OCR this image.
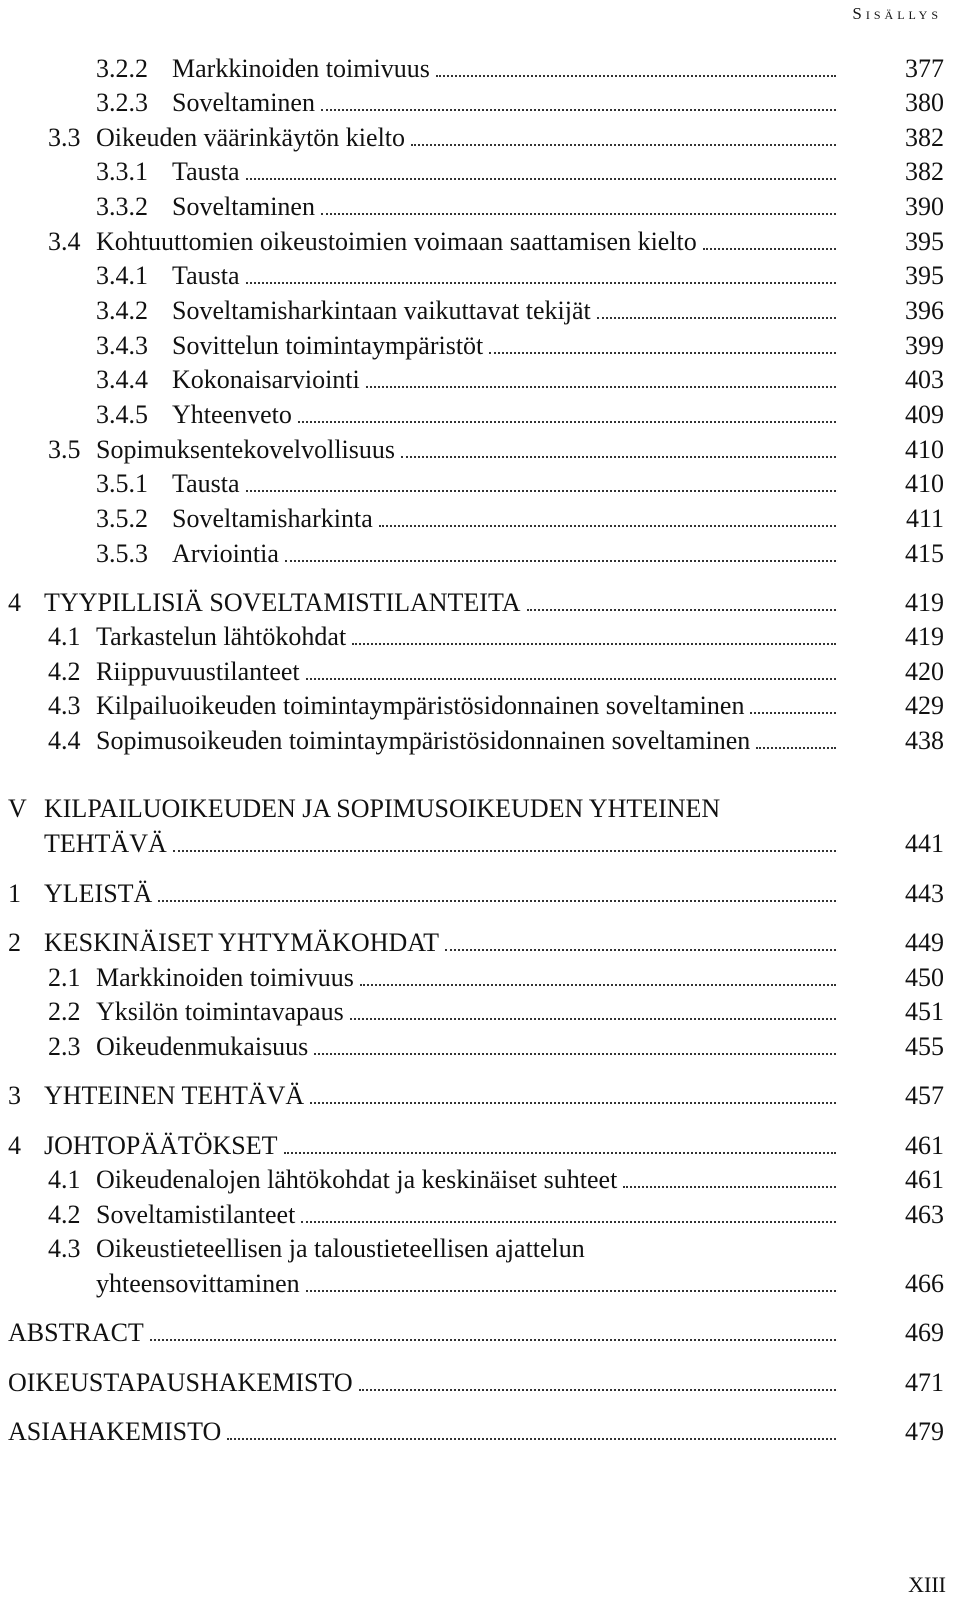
Sisällys
3.2.2 Markkinoiden toimivuus	377
3.2.3 Soveltaminen	380
3.3 Oikeuden väärinkäytön kielto	382
3.3.1 Tausta	382
3.3.2 Soveltaminen	390
3.4 Kohtuuttomien oikeustoimien voimaan saattamisen kielto	395
3.4.1 Tausta	395
3.4.2 Soveltamisharkintaan vaikuttavat tekijät	396
3.4.3 Sovittelun toimintaympäristöt	399
3.4.4 Kokonaisarviointi	403
3.4.5 Yhteenveto	409
3.5 Sopimuksentekovelvollisuus	410
3.5.1 Tausta	410
3.5.2 Soveltamisharkinta	411
3.5.3 Arviointia	415
4 TYYPILLISIÄ SOVELTAMISTILANTEITA	419
4.1 Tarkastelun lähtökohdat	419
4.2 Riippuvuustilanteet	420
4.3 Kilpailuoikeuden toimintaympäristösidonnainen soveltaminen	429
4.4 Sopimusoikeuden toimintaympäristösidonnainen soveltaminen	438
V KILPAILUOIKEUDEN JA SOPIMUSOIKEUDEN YHTEINEN
TEHTÄVÄ	441
1 YLEISTÄ	443
2 KESKINÄISET YHTYMÄKOHDAT	449
2.1 Markkinoiden toimivuus	450
2.2 Yksilön toimintavapaus	451
2.3 Oikeudenmukaisuus	455
3 YHTEINEN TEHTÄVÄ	457
4 JOHTOPÄÄTÖKSET	461
4.1 Oikeudenalojen lähtökohdat ja keskinäiset suhteet	461
4.2 Soveltamistilanteet	463
4.3 Oikeustieteellisen ja taloustieteellisen ajattelun
yhteensovittaminen	466
ABSTRACT	469
OIKEUSTAPAUSHAKEMISTO	471
ASIAHAKEMISTO	479
XIII
